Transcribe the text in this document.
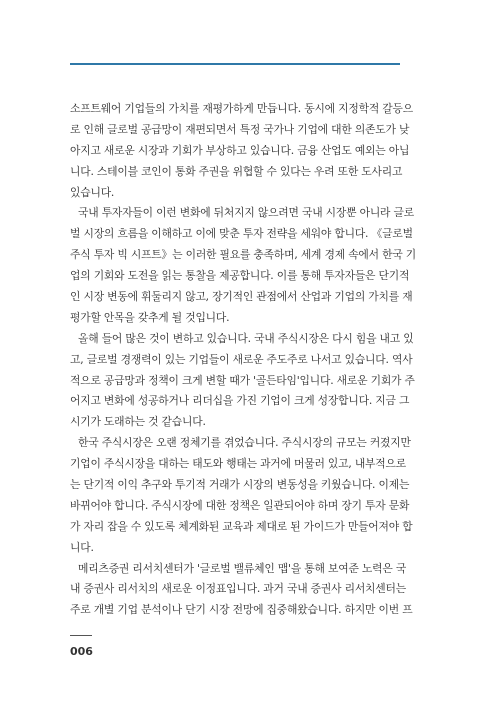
소프트웨어 기업들의 가치를 재평가하게 만듭니다. 동시에 지정학적 갈등으
로 인해 글로벌 공급망이 재편되면서 특정 국가나 기업에 대한 의존도가 낮
아지고 새로운 시장과 기회가 부상하고 있습니다. 금융 산업도 예외는 아닙
니다. 스테이블 코인이 통화 주권을 위협할 수 있다는 우려 또한 도사리고
있습니다.
국내 투자자들이 이런 변화에 뒤처지지 않으려면 국내 시장뿐 아니라 글로
벌 시장의 흐름을 이해하고 이에 맞춘 투자 전략을 세워야 합니다. 《글로벌
주식 투자 빅 시프트》는 이러한 필요를 충족하며, 세계 경제 속에서 한국 기
업의 기회와 도전을 읽는 통찰을 제공합니다. 이를 통해 투자자들은 단기적
인 시장 변동에 휘둘리지 않고, 장기적인 관점에서 산업과 기업의 가치를 재
평가할 안목을 갖추게 될 것입니다.
올해 들어 많은 것이 변하고 있습니다. 국내 주식시장은 다시 힘을 내고 있
고, 글로벌 경쟁력이 있는 기업들이 새로운 주도주로 나서고 있습니다. 역사
적으로 공급망과 정책이 크게 변할 때가 '골든타임'입니다. 새로운 기회가 주
어지고 변화에 성공하거나 리더십을 가진 기업이 크게 성장합니다. 지금 그
시기가 도래하는 것 같습니다.
한국 주식시장은 오랜 정체기를 겪었습니다. 주식시장의 규모는 커졌지만
기업이 주식시장을 대하는 태도와 행태는 과거에 머물러 있고, 내부적으로
는 단기적 이익 추구와 투기적 거래가 시장의 변동성을 키웠습니다. 이제는
바뀌어야 합니다. 주식시장에 대한 정책은 일관되어야 하며 장기 투자 문화
가 자리 잡을 수 있도록 체계화된 교육과 제대로 된 가이드가 만들어져야 합
니다.
메리츠증권 리서치센터가 '글로벌 밸류체인 맵'을 통해 보여준 노력은 국
내 증권사 리서치의 새로운 이정표입니다. 과거 국내 증권사 리서치센터는
주로 개별 기업 분석이나 단기 시장 전망에 집중해왔습니다. 하지만 이번 프
006
